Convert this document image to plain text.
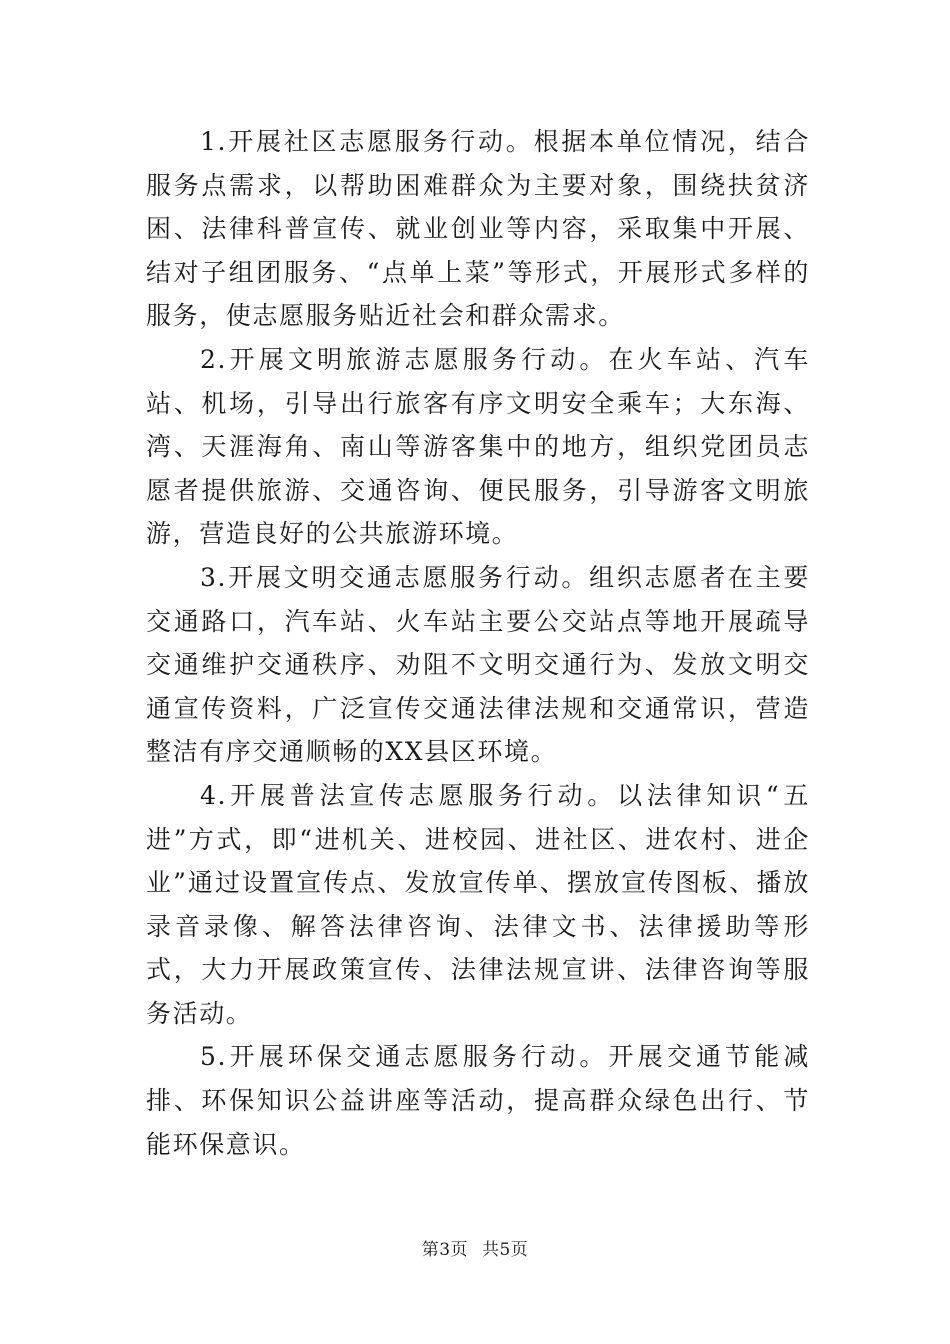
1.开展社区志愿服务行动。根据本单位情况，结合服务点需求，以帮助困难群众为主要对象，围绕扶贫济困、法律科普宣传、就业创业等内容，采取集中开展、结对子组团服务、“点单上菜”等形式，开展形式多样的服务，使志愿服务贴近社会和群众需求。

2.开展文明旅游志愿服务行动。在火车站、汽车站、机场，引导出行旅客有序文明安全乘车；大东海、湾、天涯海角、南山等游客集中的地方，组织党团员志愿者提供旅游、交通咨询、便民服务，引导游客文明旅游，营造良好的公共旅游环境。

3.开展文明交通志愿服务行动。组织志愿者在主要交通路口，汽车站、火车站主要公交站点等地开展疏导交通维护交通秩序、劝阻不文明交通行为、发放文明交通宣传资料，广泛宣传交通法律法规和交通常识，营造整洁有序交通顺畅的XX县区环境。

4.开展普法宣传志愿服务行动。以法律知识“五进”方式，即“进机关、进校园、进社区、进农村、进企业”通过设置宣传点、发放宣传单、摆放宣传图板、播放录音录像、解答法律咨询、法律文书、法律援助等形式，大力开展政策宣传、法律法规宣讲、法律咨询等服务活动。

5.开展环保交通志愿服务行动。开展交通节能减排、环保知识公益讲座等活动，提高群众绿色出行、节能环保意识。

第3页 共5页
